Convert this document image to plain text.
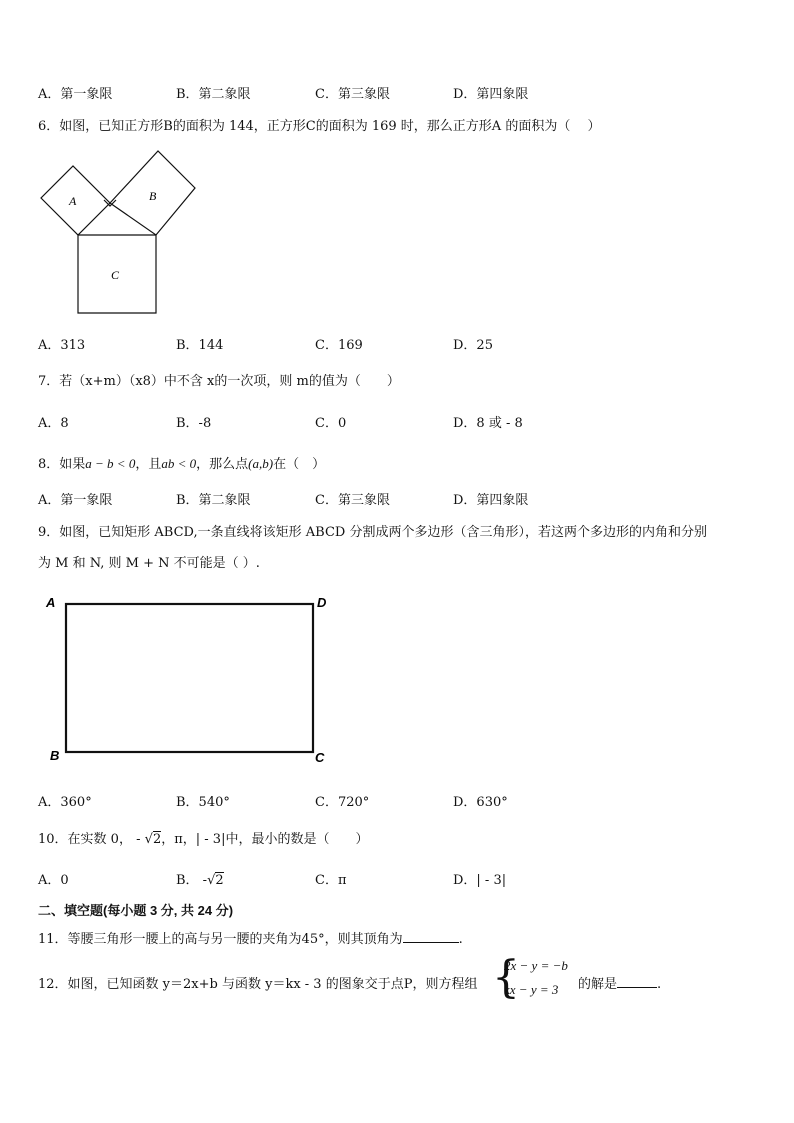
A．第一象限	B．第二象限	C．第三象限	D．第四象限
6．如图，已知正方形B的面积为 144，正方形C的面积为 169 时，那么正方形A 的面积为（　 ）
A	B
C
A．313	B．144	C．169	D．25
7．若（x+m）（x8）中不含 x的一次项，则 m的值为（　　）
A．8	B．-8	C．0	D．8 或 - 8
8．如果a − b < 0，且ab < 0，那么点(a,b)在（　）
A．第一象限	B．第二象限	C．第三象限	D．第四象限
9．如图，已知矩形 ABCD,一条直线将该矩形 ABCD 分割成两个多边形（含三角形），若这两个多边形的内角和分别
为 M 和 N, 则 M + N 不可能是（ ）.
A	D
B	C
A．360°	B．540°	C．720°	D．630°
10．在实数 0， - √2，π，| - 3|中，最小的数是（　　）
A．0	B． -√2	C．π	D．| - 3|
二、填空题(每小题 3 分, 共 24 分)
11．等腰三角形一腰上的高与另一腰的夹角为45°，则其顶角为	.
12．如图，已知函数 y＝2x+b 与函数 y＝kx - 3 的图象交于点P，则方程组 {
2x − y = −b
kx − y = 3 的解是	.
